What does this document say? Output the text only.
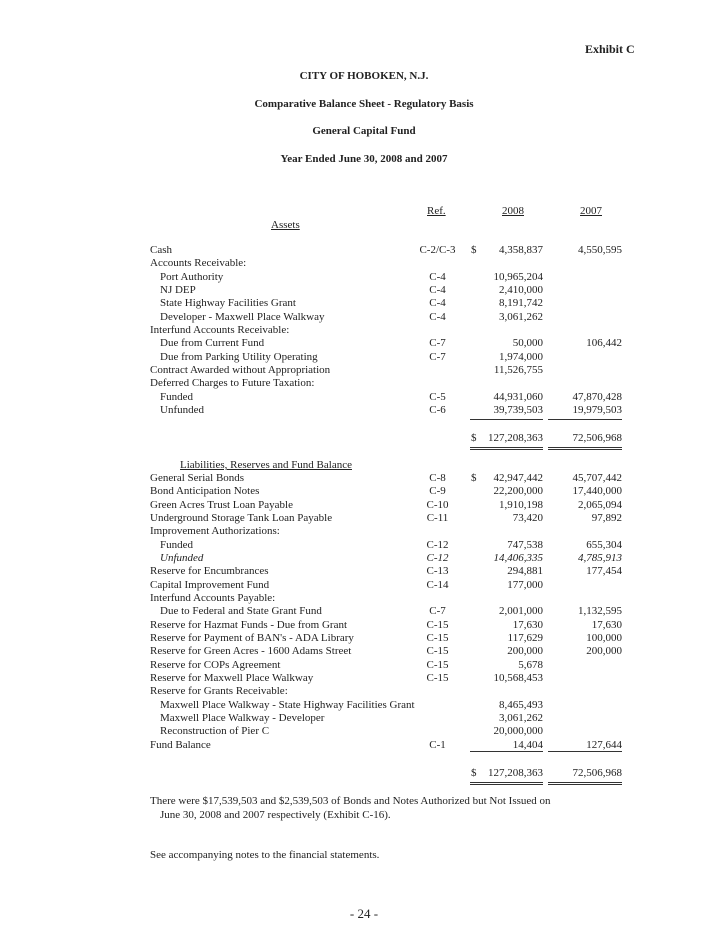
Exhibit C
CITY OF HOBOKEN, N.J.
Comparative Balance Sheet - Regulatory Basis
General Capital Fund
Year Ended June 30, 2008 and 2007
Ref.	2008	2007
Assets
Cash	C-2/C-3	$	4,358,837	4,550,595
Accounts Receivable:
Port Authority	C-4	10,965,204
NJ DEP	C-4	2,410,000
State Highway Facilities Grant	C-4	8,191,742
Developer - Maxwell Place Walkway	C-4	3,061,262
Interfund Accounts Receivable:
Due from Current Fund	C-7	50,000	106,442
Due from Parking Utility Operating	C-7	1,974,000
Contract Awarded without Appropriation	11,526,755
Deferred Charges to Future Taxation:
Funded	C-5	44,931,060	47,870,428
Unfunded	C-6	39,739,503	19,979,503
$	127,208,363	72,506,968
Liabilities, Reserves and Fund Balance
General Serial Bonds	C-8	$	42,947,442	45,707,442
Bond Anticipation Notes	C-9	22,200,000	17,440,000
Green Acres Trust Loan Payable	C-10	1,910,198	2,065,094
Underground Storage Tank Loan Payable	C-11	73,420	97,892
Improvement Authorizations:
Funded	C-12	747,538	655,304
Unfunded	C-12	14,406,335	4,785,913
Reserve for Encumbrances	C-13	294,881	177,454
Capital Improvement Fund	C-14	177,000
Interfund Accounts Payable:
Due to Federal and State Grant Fund	C-7	2,001,000	1,132,595
Reserve for Hazmat Funds - Due from Grant	C-15	17,630	17,630
Reserve for Payment of BAN's - ADA Library	C-15	117,629	100,000
Reserve for Green Acres - 1600 Adams Street	C-15	200,000	200,000
Reserve for COPs Agreement	C-15	5,678
Reserve for Maxwell Place Walkway	C-15	10,568,453
Reserve for Grants Receivable:
Maxwell Place Walkway - State Highway Facilities Grant	8,465,493
Maxwell Place Walkway - Developer	3,061,262
Reconstruction of Pier C	20,000,000
Fund Balance	C-1	14,404	127,644
$	127,208,363	72,506,968
There were $17,539,503 and $2,539,503 of Bonds and Notes Authorized but Not Issued on
June 30, 2008 and 2007 respectively (Exhibit C-16).
See accompanying notes to the financial statements.
- 24 -
